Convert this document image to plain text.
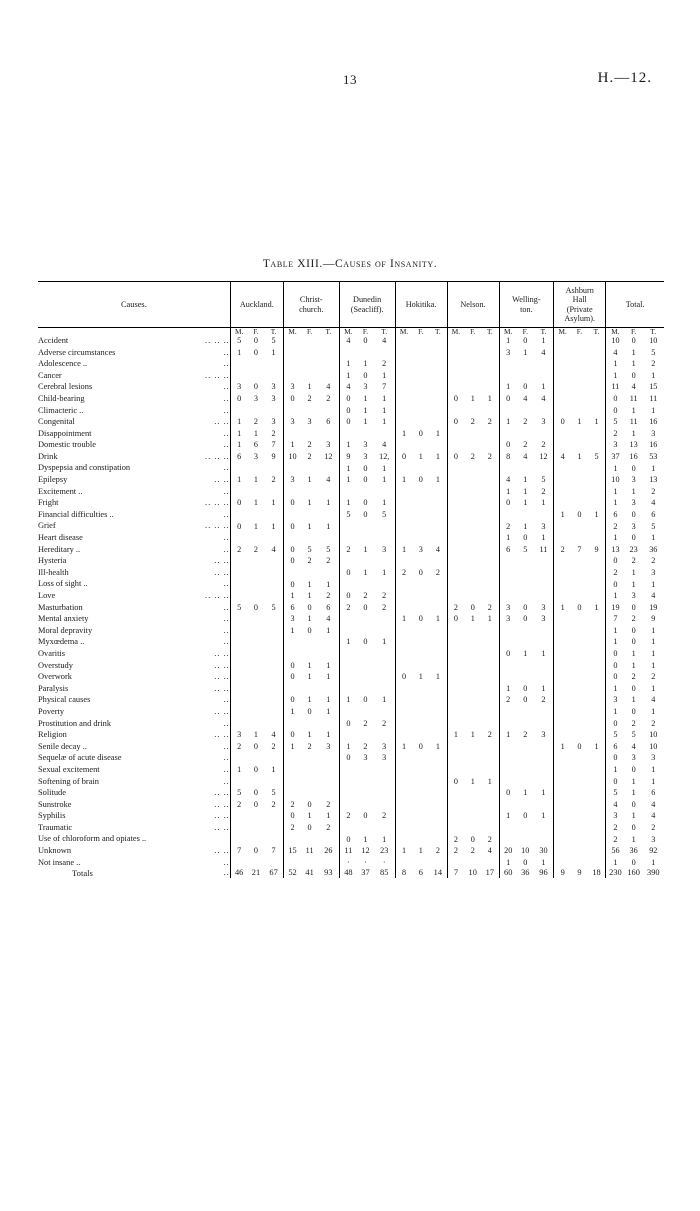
13	H.—12.
Table XIII.—Causes of Insanity.
Causes.		Auckland.			Christ-
church.			Dunedin
(Seacliff).			Hokitika.			Nelson.			Welling-
ton.			Ashburn
Hall
(Private
Asylum).			Total.		
		M.	F.	T.	M.	F.	T.	M.	F.	T.	M.	F.	T.	M.	F.	T.	M.	F.	T.	M.	F.	T.	M.	F.	T.
Accident	.. .. ..	5	0	5				4	0	4							1	0	1				10	0	10
Adverse circumstances	..	1	0	1													3	1	4				4	1	5
Adolescence ..	..							1	1	2													1	1	2
Cancer	.. .. ..							1	0	1													1	0	1
Cerebral lesions	..	3	0	3	3	1	4	4	3	7							1	0	1				11	4	15
Child-bearing	..	0	3	3	0	2	2	0	1	1				0	1	1	0	4	4				0	11	11
Climacteric ..	..							0	1	1													0	1	1
Congenital	.. ..	1	2	3	3	3	6	0	1	1				0	2	2	1	2	3	0	1	1	5	11	16
Disappointment	..	1	1	2							1	0	1										2	1	3
Domestic trouble	..	1	6	7	1	2	3	1	3	4							0	2	2				3	13	16
Drink	.. .. ..	6	3	9	10	2	12	9	3	12,	0	1	1	0	2	2	8	4	12	4	1	5	37	16	53
Dyspepsia and constipation	..							1	0	1													1	0	1
Epilepsy	.. ..	1	1	2	3	1	4	1	0	1	1	0	1				4	1	5				10	3	13
Excitement ..	..																1	1	2				1	1	2
Fright	.. .. ..	0	1	1	0	1	1	1	0	1							0	1	1				1	3	4
Financial difficulties ..	..							5	0	5										1	0	1	6	0	6
Grief	.. .. ..	0	1	1	0	1	1										2	1	3				2	3	5
Heart disease	..																1	0	1				1	0	1
Hereditary ..	..	2	2	4	0	5	5	2	1	3	1	3	4				6	5	11	2	7	9	13	23	36
Hysteria	.. ..				0	2	2																0	2	2
Ill-health	.. ..							0	1	1	2	0	2										2	1	3
Loss of sight ..	..				0	1	1																0	1	1
Love	.. .. ..				1	1	2	0	2	2													1	3	4
Masturbation	..	5	0	5	6	0	6	2	0	2				2	0	2	3	0	3	1	0	1	19	0	19
Mental anxiety	..				3	1	4				1	0	1	0	1	1	3	0	3				7	2	9
Moral depravity	..				1	0	1																1	0	1
Myxœdema ..	..							1	0	1													1	0	1
Ovaritis	.. ..																0	1	1				0	1	1
Overstudy	.. ..				0	1	1																0	1	1
Overwork	.. ..				0	1	1				0	1	1										0	2	2
Paralysis	.. ..																1	0	1				1	0	1
Physical causes	..				0	1	1	1	0	1							2	0	2				3	1	4
Poverty	.. ..				1	0	1																1	0	1
Prostitution and drink	..							0	2	2													0	2	2
Religion	.. ..	3	1	4	0	1	1							1	1	2	1	2	3				5	5	10
Senile decay ..	..	2	0	2	1	2	3	1	2	3	1	0	1							1	0	1	6	4	10
Sequelæ of acute disease	..							0	3	3													0	3	3
Sexual excitement	..	1	0	1																			1	0	1
Softening of brain	..													0	1	1							0	1	1
Solitude	.. ..	5	0	5													0	1	1				5	1	6
Sunstroke	.. ..	2	0	2	2	0	2																4	0	4
Syphilis	.. ..				0	1	1	2	0	2							1	0	1				3	1	4
Traumatic	.. ..				2	0	2																2	0	2
Use of chloroform and opiates ..								0	1	1				2	0	2							2	1	3
Unknown	.. ..	7	0	7	15	11	26	11	12	23	1	1	2	2	2	4	20	10	30				56	36	92
Not insane ..	..							·	·	·							1	0	1				1	0	1
Totals	..	46	21	67	52	41	93	48	37	85	8	6	14	7	10	17	60	36	96	9	9	18	230	160	390
